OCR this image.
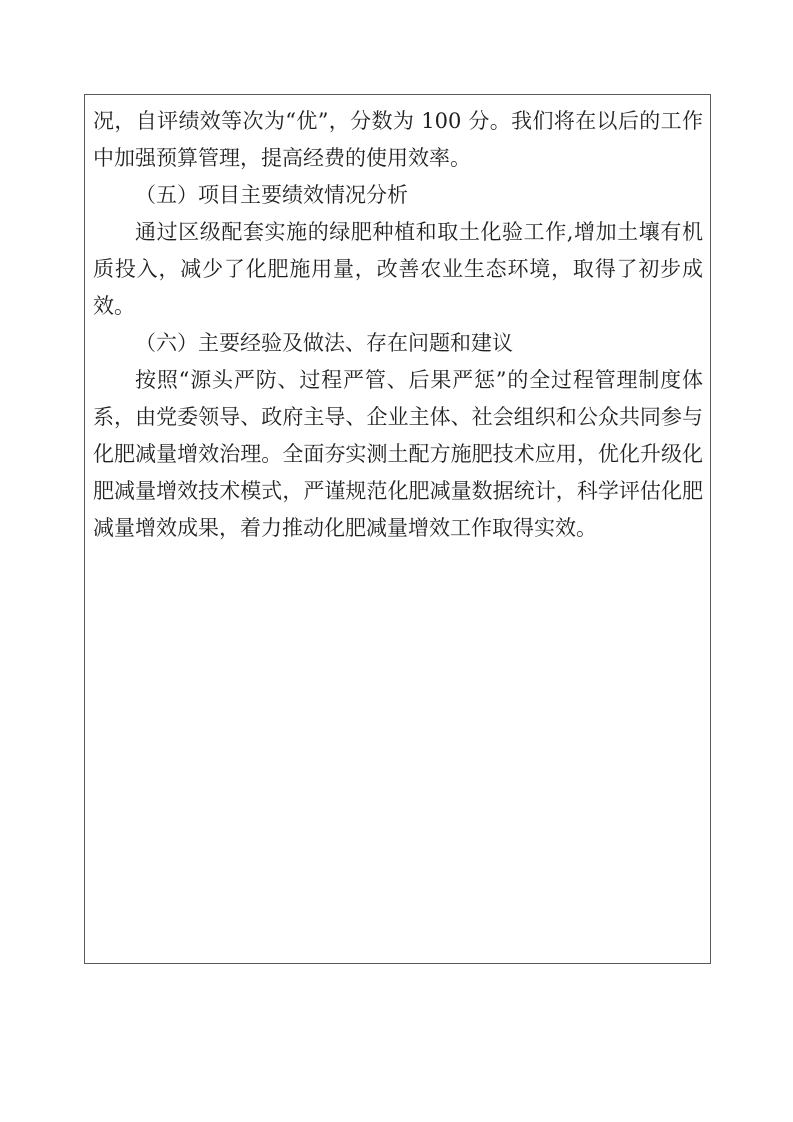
况，自评绩效等次为“优”，分数为 100 分。我们将在以后的工作中加强预算管理，提高经费的使用效率。

（五）项目主要绩效情况分析

通过区级配套实施的绿肥种植和取土化验工作,增加土壤有机质投入，减少了化肥施用量，改善农业生态环境，取得了初步成效。

（六）主要经验及做法、存在问题和建议

按照“源头严防、过程严管、后果严惩”的全过程管理制度体系，由党委领导、政府主导、企业主体、社会组织和公众共同参与化肥减量增效治理。全面夯实测土配方施肥技术应用，优化升级化肥减量增效技术模式，严谨规范化肥减量数据统计，科学评估化肥减量增效成果，着力推动化肥减量增效工作取得实效。
